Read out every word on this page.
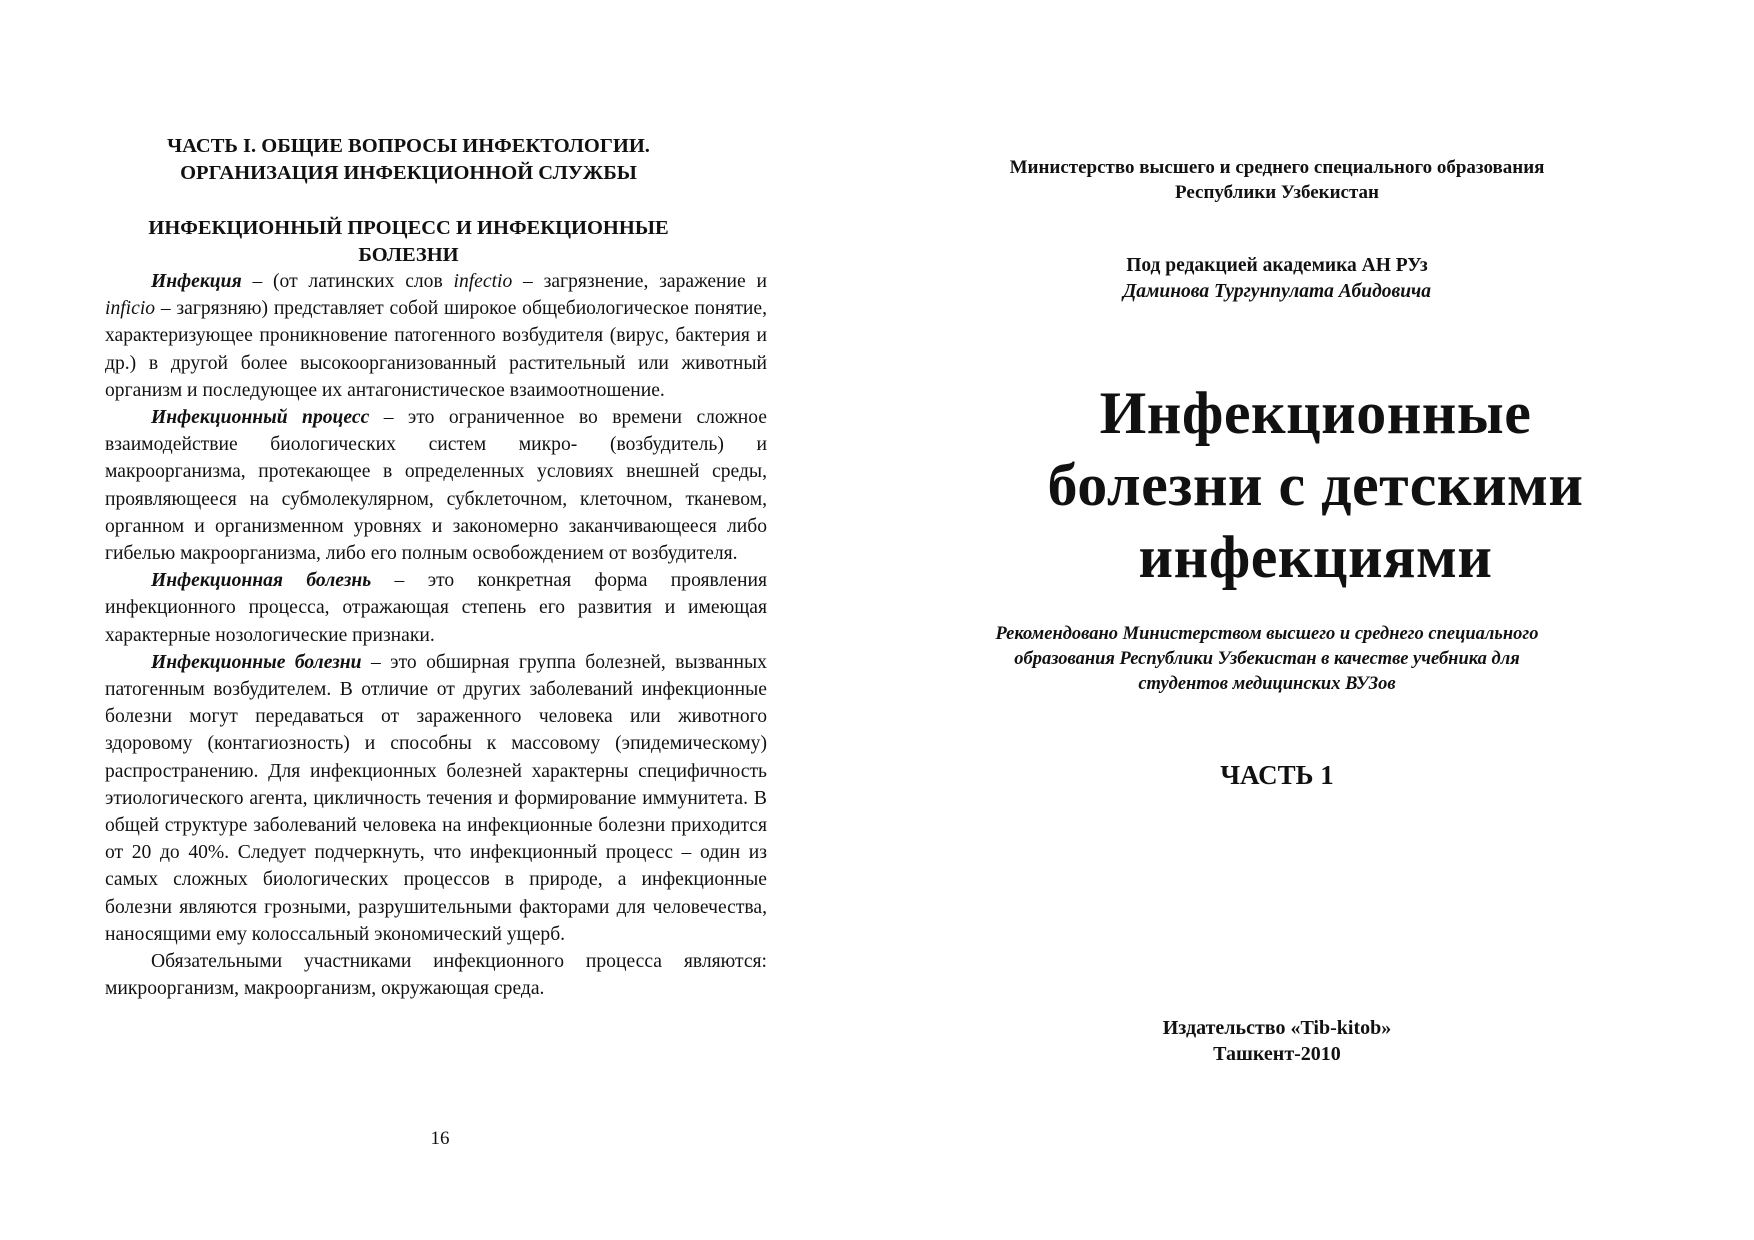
ЧАСТЬ I. ОБЩИЕ ВОПРОСЫ ИНФЕКТОЛОГИИ.
ОРГАНИЗАЦИЯ ИНФЕКЦИОННОЙ СЛУЖБЫ
ИНФЕКЦИОННЫЙ ПРОЦЕСС И ИНФЕКЦИОННЫЕ
БОЛЕЗНИ

Инфекция – (от латинских слов infectio – загрязнение, заражение и inficio – загрязняю) представляет собой широкое общебиологическое понятие, характеризующее проникновение патогенного возбудителя (вирус, бактерия и др.) в другой более высокоорганизованный растительный или животный организм и последующее их антагонистическое взаимоотношение.

Инфекционный процесс – это ограниченное во времени сложное взаимодействие биологических систем микро- (возбудитель) и макроорганизма, протекающее в определенных условиях внешней среды, проявляющееся на субмолекулярном, субклеточном, клеточном, тканевом, органном и организменном уровнях и закономерно заканчивающееся либо гибелью макроорганизма, либо его полным освобождением от возбудителя.

Инфекционная болезнь – это конкретная форма проявления инфекционного процесса, отражающая степень его развития и имеющая характерные нозологические признаки.

Инфекционные болезни – это обширная группа болезней, вызванных патогенным возбудителем. В отличие от других заболеваний инфекционные болезни могут передаваться от зараженного человека или животного здоровому (контагиозность) и способны к массовому (эпидемическому) распространению. Для инфекционных болезней характерны специфичность этиологического агента, цикличность течения и формирование иммунитета. В общей структуре заболеваний человека на инфекционные болезни приходится от 20 до 40%. Следует подчеркнуть, что инфекционный процесс – один из самых сложных биологических процессов в природе, а инфекционные болезни являются грозными, разрушительными факторами для человечества, наносящими ему колоссальный экономический ущерб.

Обязательными участниками инфекционного процесса являются: микроорганизм, макроорганизм, окружающая среда.

16
Министерство высшего и среднего специального образования
Республики Узбекистан
Под редакцией академика АН РУз
Даминова Тургунпулата Абидовича
Инфекционные
болезни с детскими
инфекциями
Рекомендовано Министерством высшего и среднего специального
образования Республики Узбекистан в качестве учебника для
студентов медицинских ВУЗов
ЧАСТЬ 1
Издательство «Tib-kitob»
Ташкент-2010
